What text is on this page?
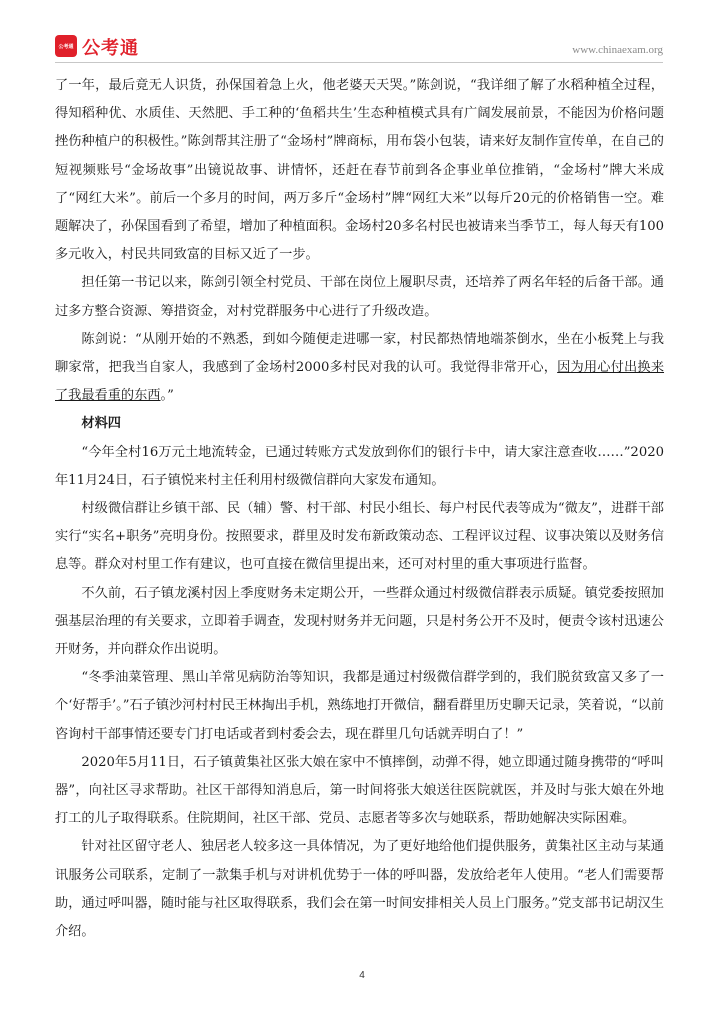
公考通 公考通	www.chinaexam.org

了一年，最后竟无人识货，孙保国着急上火，他老婆天天哭。”陈剑说，“我详细了解了水稻种植全过程，得知稻种优、水质佳、天然肥、手工种的‘鱼稻共生’生态种植模式具有广阔发展前景，不能因为价格问题挫伤种植户的积极性。”陈剑帮其注册了“金场村”牌商标，用布袋小包装，请来好友制作宣传单，在自己的短视频账号“金场故事”出镜说故事、讲情怀，还赶在春节前到各企事业单位推销，“金场村”牌大米成了“网红大米”。前后一个多月的时间，两万多斤“金场村”牌“网红大米”以每斤20元的价格销售一空。难题解决了，孙保国看到了希望，增加了种植面积。金场村20多名村民也被请来当季节工，每人每天有100多元收入，村民共同致富的目标又近了一步。

担任第一书记以来，陈剑引领全村党员、干部在岗位上履职尽责，还培养了两名年轻的后备干部。通过多方整合资源、筹措资金，对村党群服务中心进行了升级改造。

陈剑说：“从刚开始的不熟悉，到如今随便走进哪一家，村民都热情地端茶倒水，坐在小板凳上与我聊家常，把我当自家人，我感到了金场村2000多村民对我的认可。我觉得非常开心，因为用心付出换来了我最看重的东西。”

材料四

“今年全村16万元土地流转金，已通过转账方式发放到你们的银行卡中，请大家注意查收……”2020年11月24日，石子镇悦来村主任利用村级微信群向大家发布通知。

村级微信群让乡镇干部、民（辅）警、村干部、村民小组长、每户村民代表等成为“微友”，进群干部实行“实名+职务”亮明身份。按照要求，群里及时发布新政策动态、工程评议过程、议事决策以及财务信息等。群众对村里工作有建议，也可直接在微信里提出来，还可对村里的重大事项进行监督。

不久前，石子镇龙溪村因上季度财务未定期公开，一些群众通过村级微信群表示质疑。镇党委按照加强基层治理的有关要求，立即着手调查，发现村财务并无问题，只是村务公开不及时，便责令该村迅速公开财务，并向群众作出说明。

“冬季油菜管理、黑山羊常见病防治等知识，我都是通过村级微信群学到的，我们脱贫致富又多了一个‘好帮手’。”石子镇沙河村村民王林掏出手机，熟练地打开微信，翻看群里历史聊天记录，笑着说，“以前咨询村干部事情还要专门打电话或者到村委会去，现在群里几句话就弄明白了！”

2020年5月11日，石子镇黄集社区张大娘在家中不慎摔倒，动弹不得，她立即通过随身携带的“呼叫器”，向社区寻求帮助。社区干部得知消息后，第一时间将张大娘送往医院就医，并及时与张大娘在外地打工的儿子取得联系。住院期间，社区干部、党员、志愿者等多次与她联系，帮助她解决实际困难。

针对社区留守老人、独居老人较多这一具体情况，为了更好地给他们提供服务，黄集社区主动与某通讯服务公司联系，定制了一款集手机与对讲机优势于一体的呼叫器，发放给老年人使用。“老人们需要帮助，通过呼叫器，随时能与社区取得联系，我们会在第一时间安排相关人员上门服务。”党支部书记胡汉生介绍。

4
